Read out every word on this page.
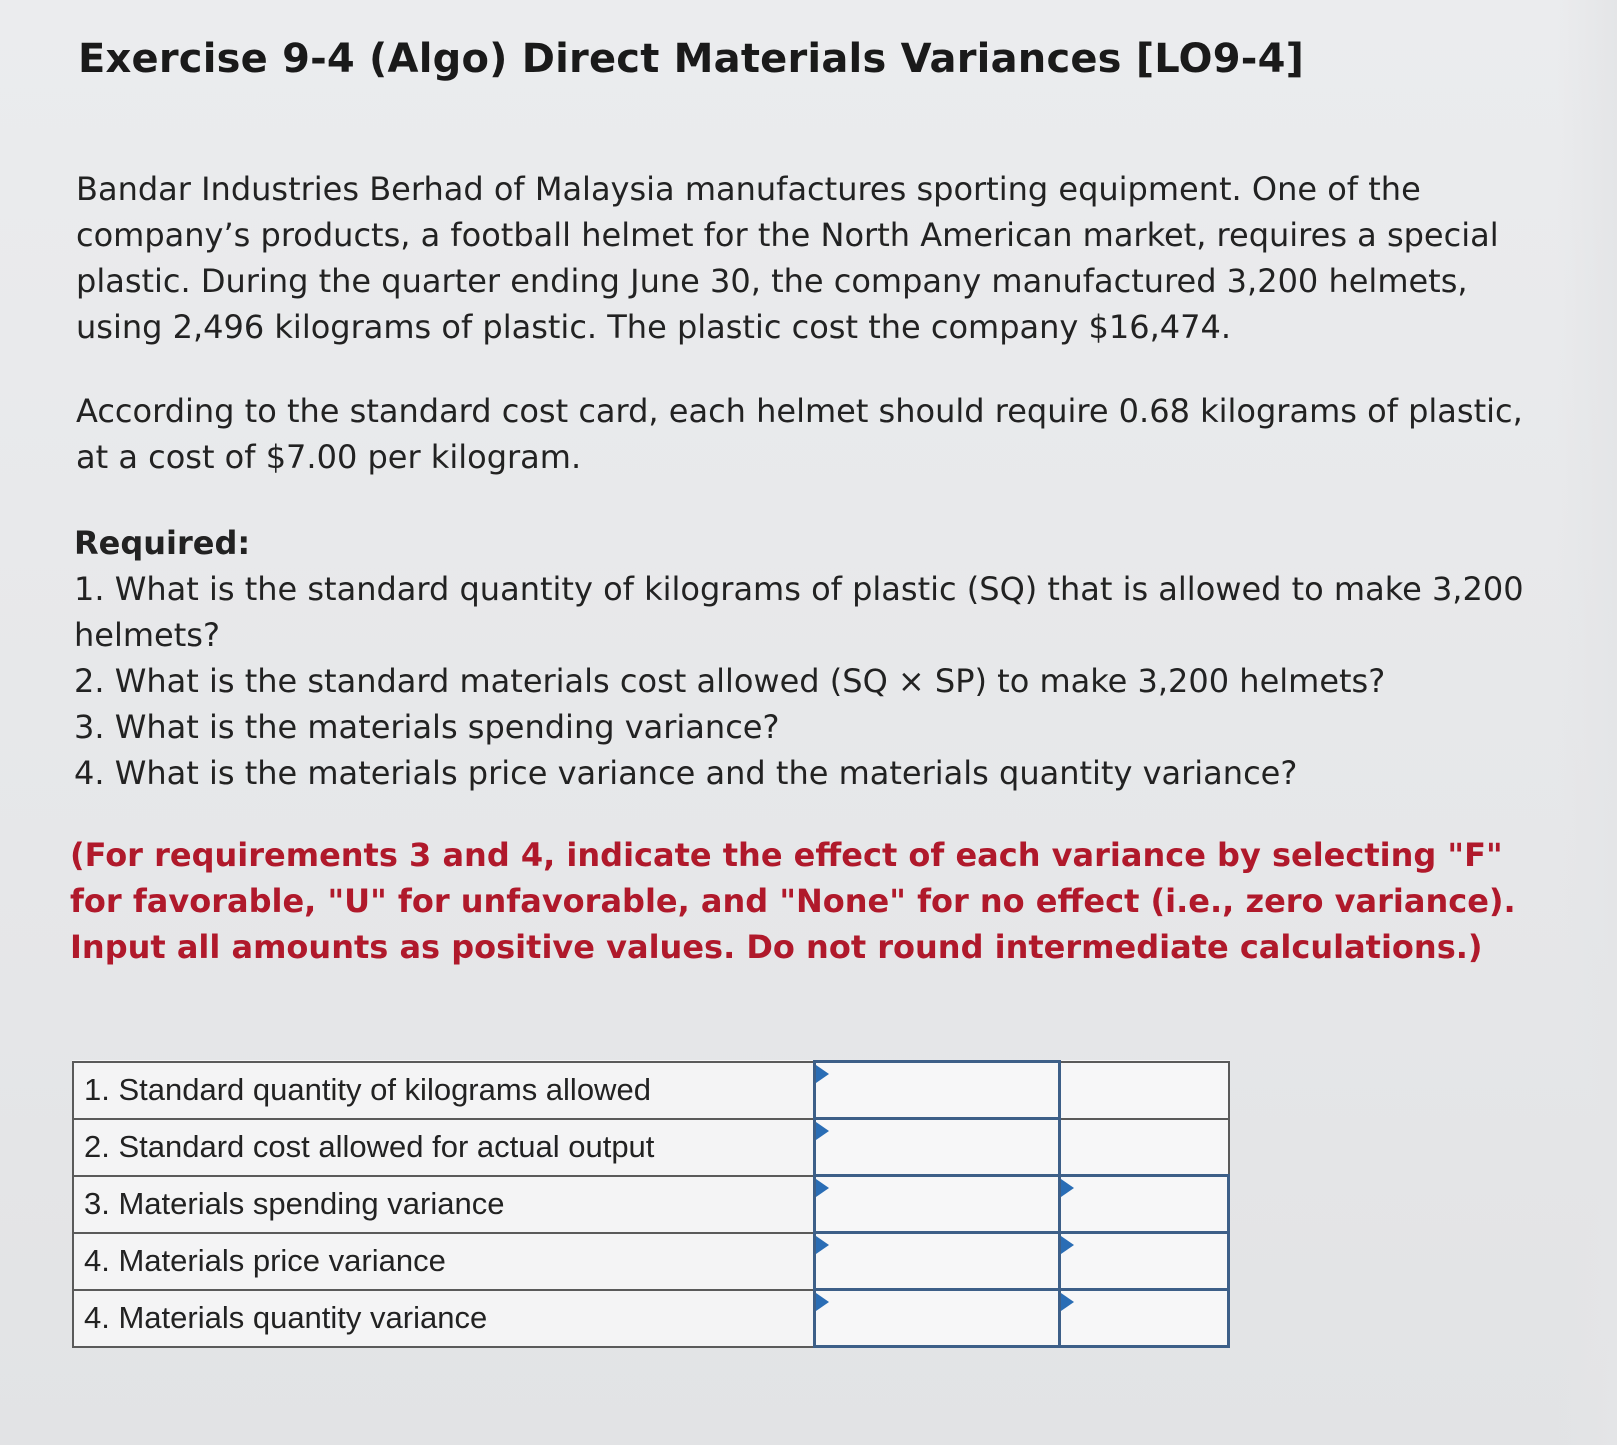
Exercise 9-4 (Algo) Direct Materials Variances [LO9-4]
Bandar Industries Berhad of Malaysia manufactures sporting equipment. One of the company’s products, a football helmet for the North American market, requires a special plastic. During the quarter ending June 30, the company manufactured 3,200 helmets, using 2,496 kilograms of plastic. The plastic cost the company $16,474.
According to the standard cost card, each helmet should require 0.68 kilograms of plastic, at a cost of $7.00 per kilogram.
Required:
1. What is the standard quantity of kilograms of plastic (SQ) that is allowed to make 3,200 helmets?
2. What is the standard materials cost allowed (SQ × SP) to make 3,200 helmets?
3. What is the materials spending variance?
4. What is the materials price variance and the materials quantity variance?
(For requirements 3 and 4, indicate the effect of each variance by selecting "F" for favorable, "U" for unfavorable, and "None" for no effect (i.e., zero variance). Input all amounts as positive values. Do not round intermediate calculations.)
1. Standard quantity of kilograms allowed	

2. Standard cost allowed for actual output	

3. Materials spending variance	

4. Materials price variance	

4. Materials quantity variance	
